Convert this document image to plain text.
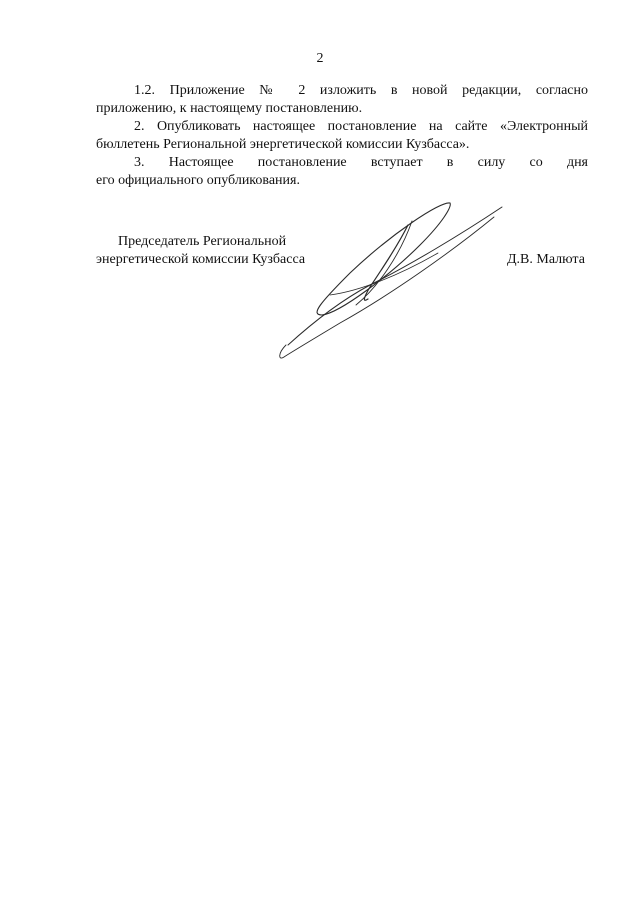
2
1.2. Приложение № 2 изложить в новой редакции, согласно
приложению, к настоящему постановлению.
2. Опубликовать настоящее постановление на сайте «Электронный
бюллетень Региональной энергетической комиссии Кузбасса».
3. Настоящее постановление вступает в силу со дня
его официального опубликования.
Председатель Региональной
энергетической комиссии Кузбасса	Д.В. Малюта
